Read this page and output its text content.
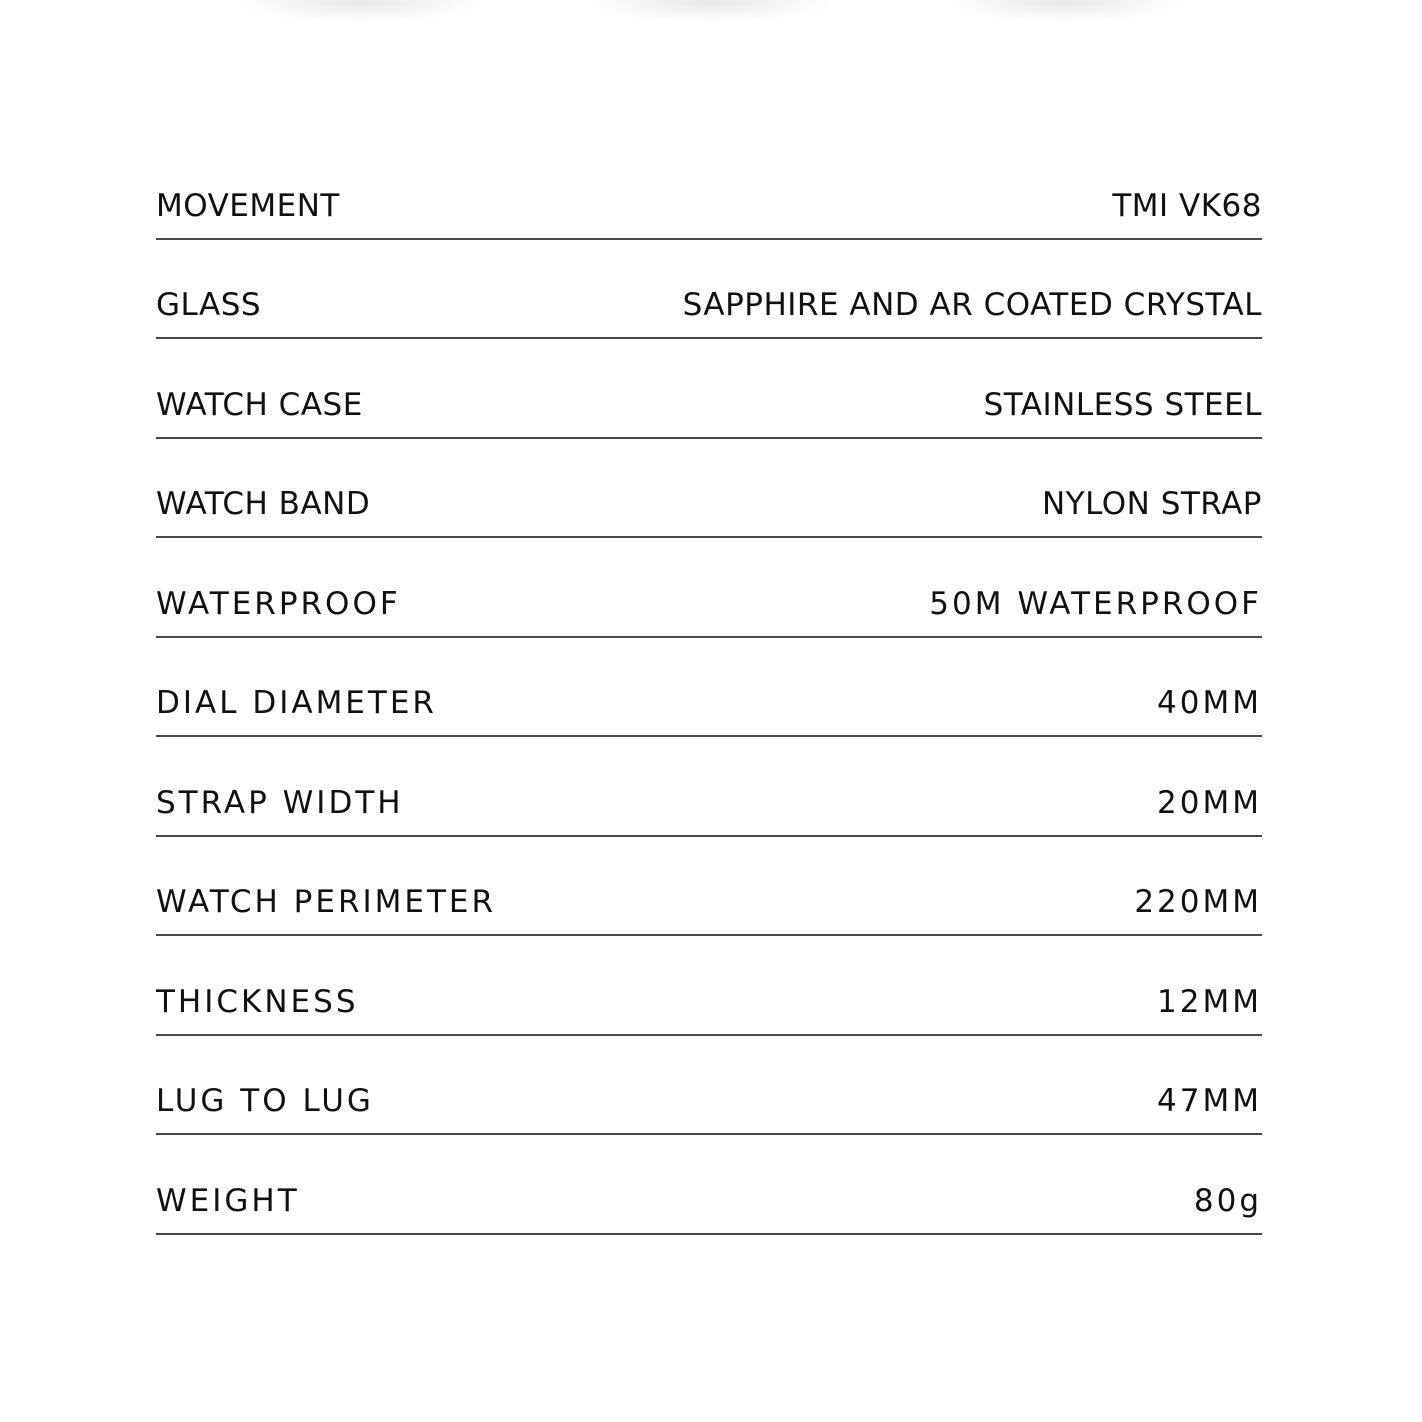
MOVEMENT	TMI VK68
GLASS	SAPPHIRE AND AR COATED CRYSTAL
WATCH CASE	STAINLESS STEEL
WATCH BAND	NYLON STRAP
WATERPROOF	50M WATERPROOF
DIAL DIAMETER	40MM
STRAP WIDTH	20MM
WATCH PERIMETER	220MM
THICKNESS	12MM
LUG TO LUG	47MM
WEIGHT	80g
